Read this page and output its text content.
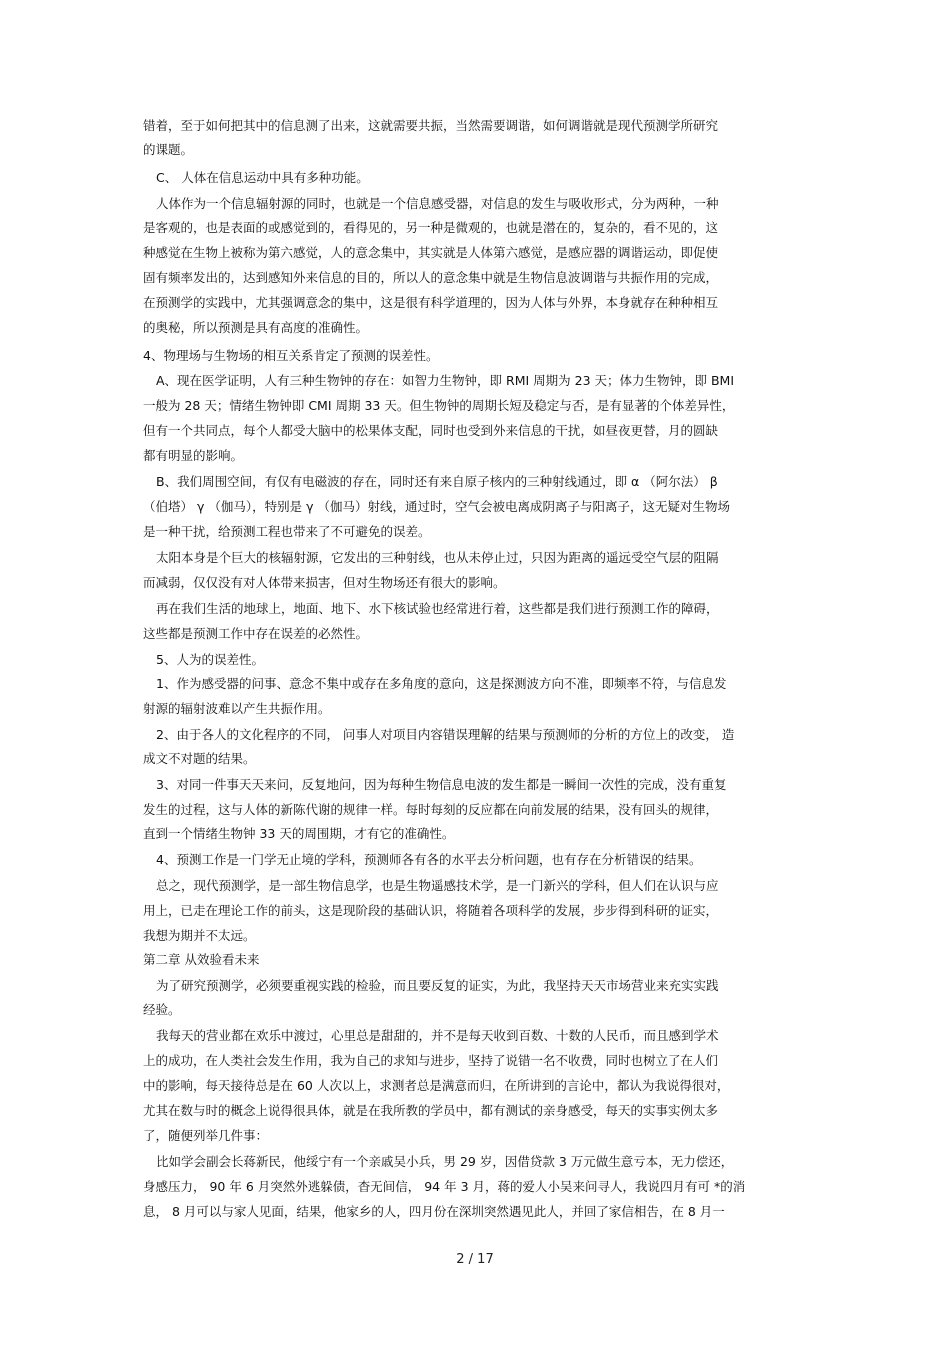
错着，至于如何把其中的信息测了出来，这就需要共振，当然需要调谐，如何调谐就是现代预测学所研究
的课题。
C、 人体在信息运动中具有多种功能。
人体作为一个信息辐射源的同时，也就是一个信息感受器，对信息的发生与吸收形式，分为两种，一种
是客观的，也是表面的或感觉到的，看得见的，另一种是微观的，也就是潜在的，复杂的，看不见的，这
种感觉在生物上被称为第六感觉，人的意念集中，其实就是人体第六感觉，是感应器的调谐运动，即促使
固有频率发出的，达到感知外来信息的目的，所以人的意念集中就是生物信息波调谐与共振作用的完成，
在预测学的实践中，尤其强调意念的集中，这是很有科学道理的，因为人体与外界，本身就存在种种相互
的奥秘，所以预测是具有高度的准确性。
4、物理场与生物场的相互关系肯定了预测的误差性。
A、现在医学证明，人有三种生物钟的存在：如智力生物钟，即 RMI 周期为 23 天；体力生物钟，即 BMI
一般为 28 天；情绪生物钟即 CMI 周期 33 天。但生物钟的周期长短及稳定与否，是有显著的个体差异性，
但有一个共同点，每个人都受大脑中的松果体支配，同时也受到外来信息的干扰，如昼夜更替，月的圆缺
都有明显的影响。
B、我们周围空间，有仅有电磁波的存在，同时还有来自原子核内的三种射线通过，即 α （阿尔法） β
（伯塔） γ （伽马），特别是 γ （伽马）射线，通过时，空气会被电离成阴离子与阳离子，这无疑对生物场
是一种干扰，给预测工程也带来了不可避免的误差。
太阳本身是个巨大的核辐射源，它发出的三种射线，也从未停止过，只因为距离的遥远受空气层的阻隔
而减弱，仅仅没有对人体带来损害，但对生物场还有很大的影响。
再在我们生活的地球上，地面、地下、水下核试验也经常进行着，这些都是我们进行预测工作的障碍，
这些都是预测工作中存在误差的必然性。
5、人为的误差性。
1、作为感受器的问事、意念不集中或存在多角度的意向，这是探测波方向不准，即频率不符，与信息发
射源的辐射波难以产生共振作用。
2、由于各人的文化程序的不同， 问事人对项目内容错误理解的结果与预测师的分析的方位上的改变， 造
成文不对题的结果。
3、对同一件事天天来问，反复地问，因为每种生物信息电波的发生都是一瞬间一次性的完成，没有重复
发生的过程，这与人体的新陈代谢的规律一样。每时每刻的反应都在向前发展的结果，没有回头的规律，
直到一个情绪生物钟 33 天的周围期，才有它的准确性。
4、预测工作是一门学无止境的学科，预测师各有各的水平去分析问题，也有存在分析错误的结果。
总之，现代预测学，是一部生物信息学，也是生物遥感技术学，是一门新兴的学科，但人们在认识与应
用上，已走在理论工作的前头，这是现阶段的基础认识，将随着各项科学的发展，步步得到科研的证实，
我想为期并不太远。
第二章 从效验看未来
为了研究预测学，必须要重视实践的检验，而且要反复的证实，为此，我坚持天天市场营业来充实实践
经验。
我每天的营业都在欢乐中渡过，心里总是甜甜的，并不是每天收到百数、十数的人民币，而且感到学术
上的成功，在人类社会发生作用，我为自己的求知与进步，坚持了说错一名不收费，同时也树立了在人们
中的影响，每天接待总是在 60 人次以上，求测者总是满意而归，在所讲到的言论中，都认为我说得很对，
尤其在数与时的概念上说得很具体，就是在我所教的学员中，都有测试的亲身感受，每天的实事实例太多
了，随便列举几件事：
比如学会副会长蒋新民，他绥宁有一个亲戚吴小兵，男 29 岁，因借贷款 3 万元做生意亏本，无力偿还，
身感压力， 90 年 6 月突然外逃躲债，杳无间信， 94 年 3 月，蒋的爱人小吴来问寻人，我说四月有可 *的消
息， 8 月可以与家人见面，结果，他家乡的人，四月份在深圳突然遇见此人，并回了家信相告，在 8 月一
2 / 17
